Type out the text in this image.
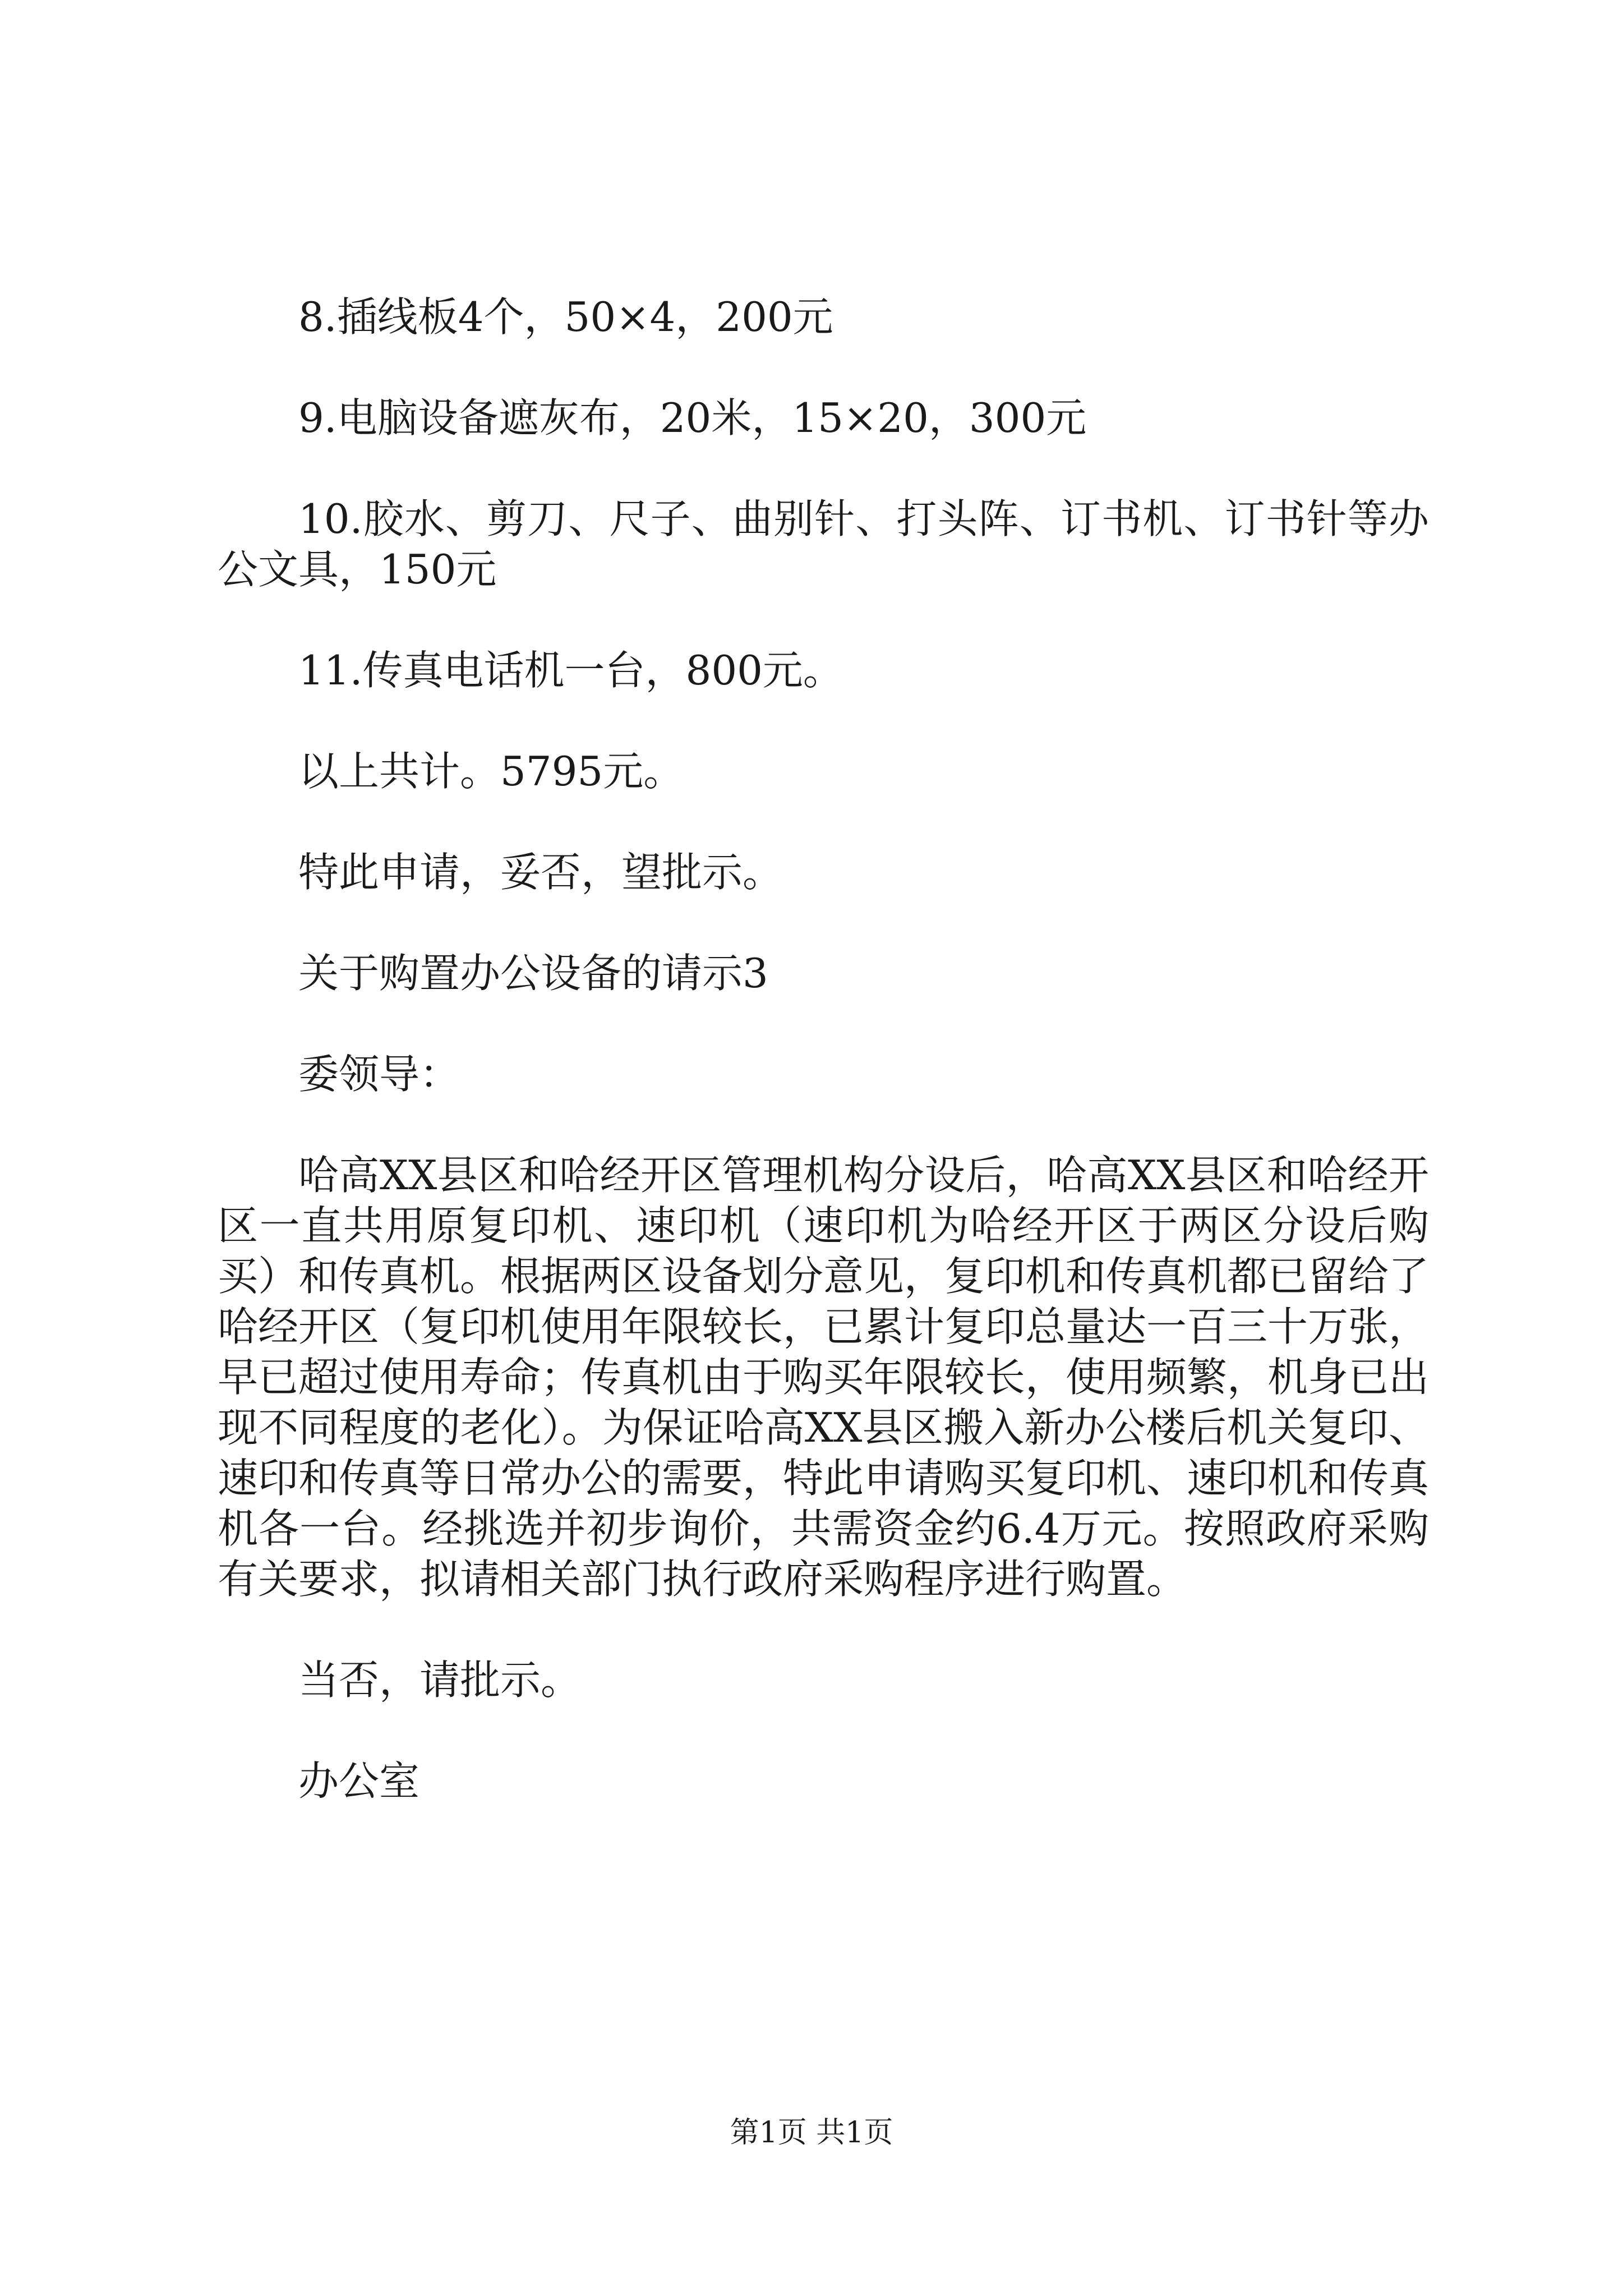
8.插线板4个，50×4，200元

9.电脑设备遮灰布，20米，15×20，300元

10.胶水、剪刀、尺子、曲别针、打头阵、订书机、订书针等办公文具，150元

11.传真电话机一台，800元。

以上共计。5795元。

特此申请，妥否，望批示。

关于购置办公设备的请示3

委领导：

哈高XX县区和哈经开区管理机构分设后，哈高XX县区和哈经开区一直共用原复印机、速印机（速印机为哈经开区于两区分设后购买）和传真机。根据两区设备划分意见，复印机和传真机都已留给了哈经开区（复印机使用年限较长，已累计复印总量达一百三十万张，早已超过使用寿命；传真机由于购买年限较长，使用频繁，机身已出现不同程度的老化）。为保证哈高XX县区搬入新办公楼后机关复印、速印和传真等日常办公的需要，特此申请购买复印机、速印机和传真机各一台。经挑选并初步询价，共需资金约6.4万元。按照政府采购有关要求，拟请相关部门执行政府采购程序进行购置。

当否，请批示。

办公室

第1页 共1页
